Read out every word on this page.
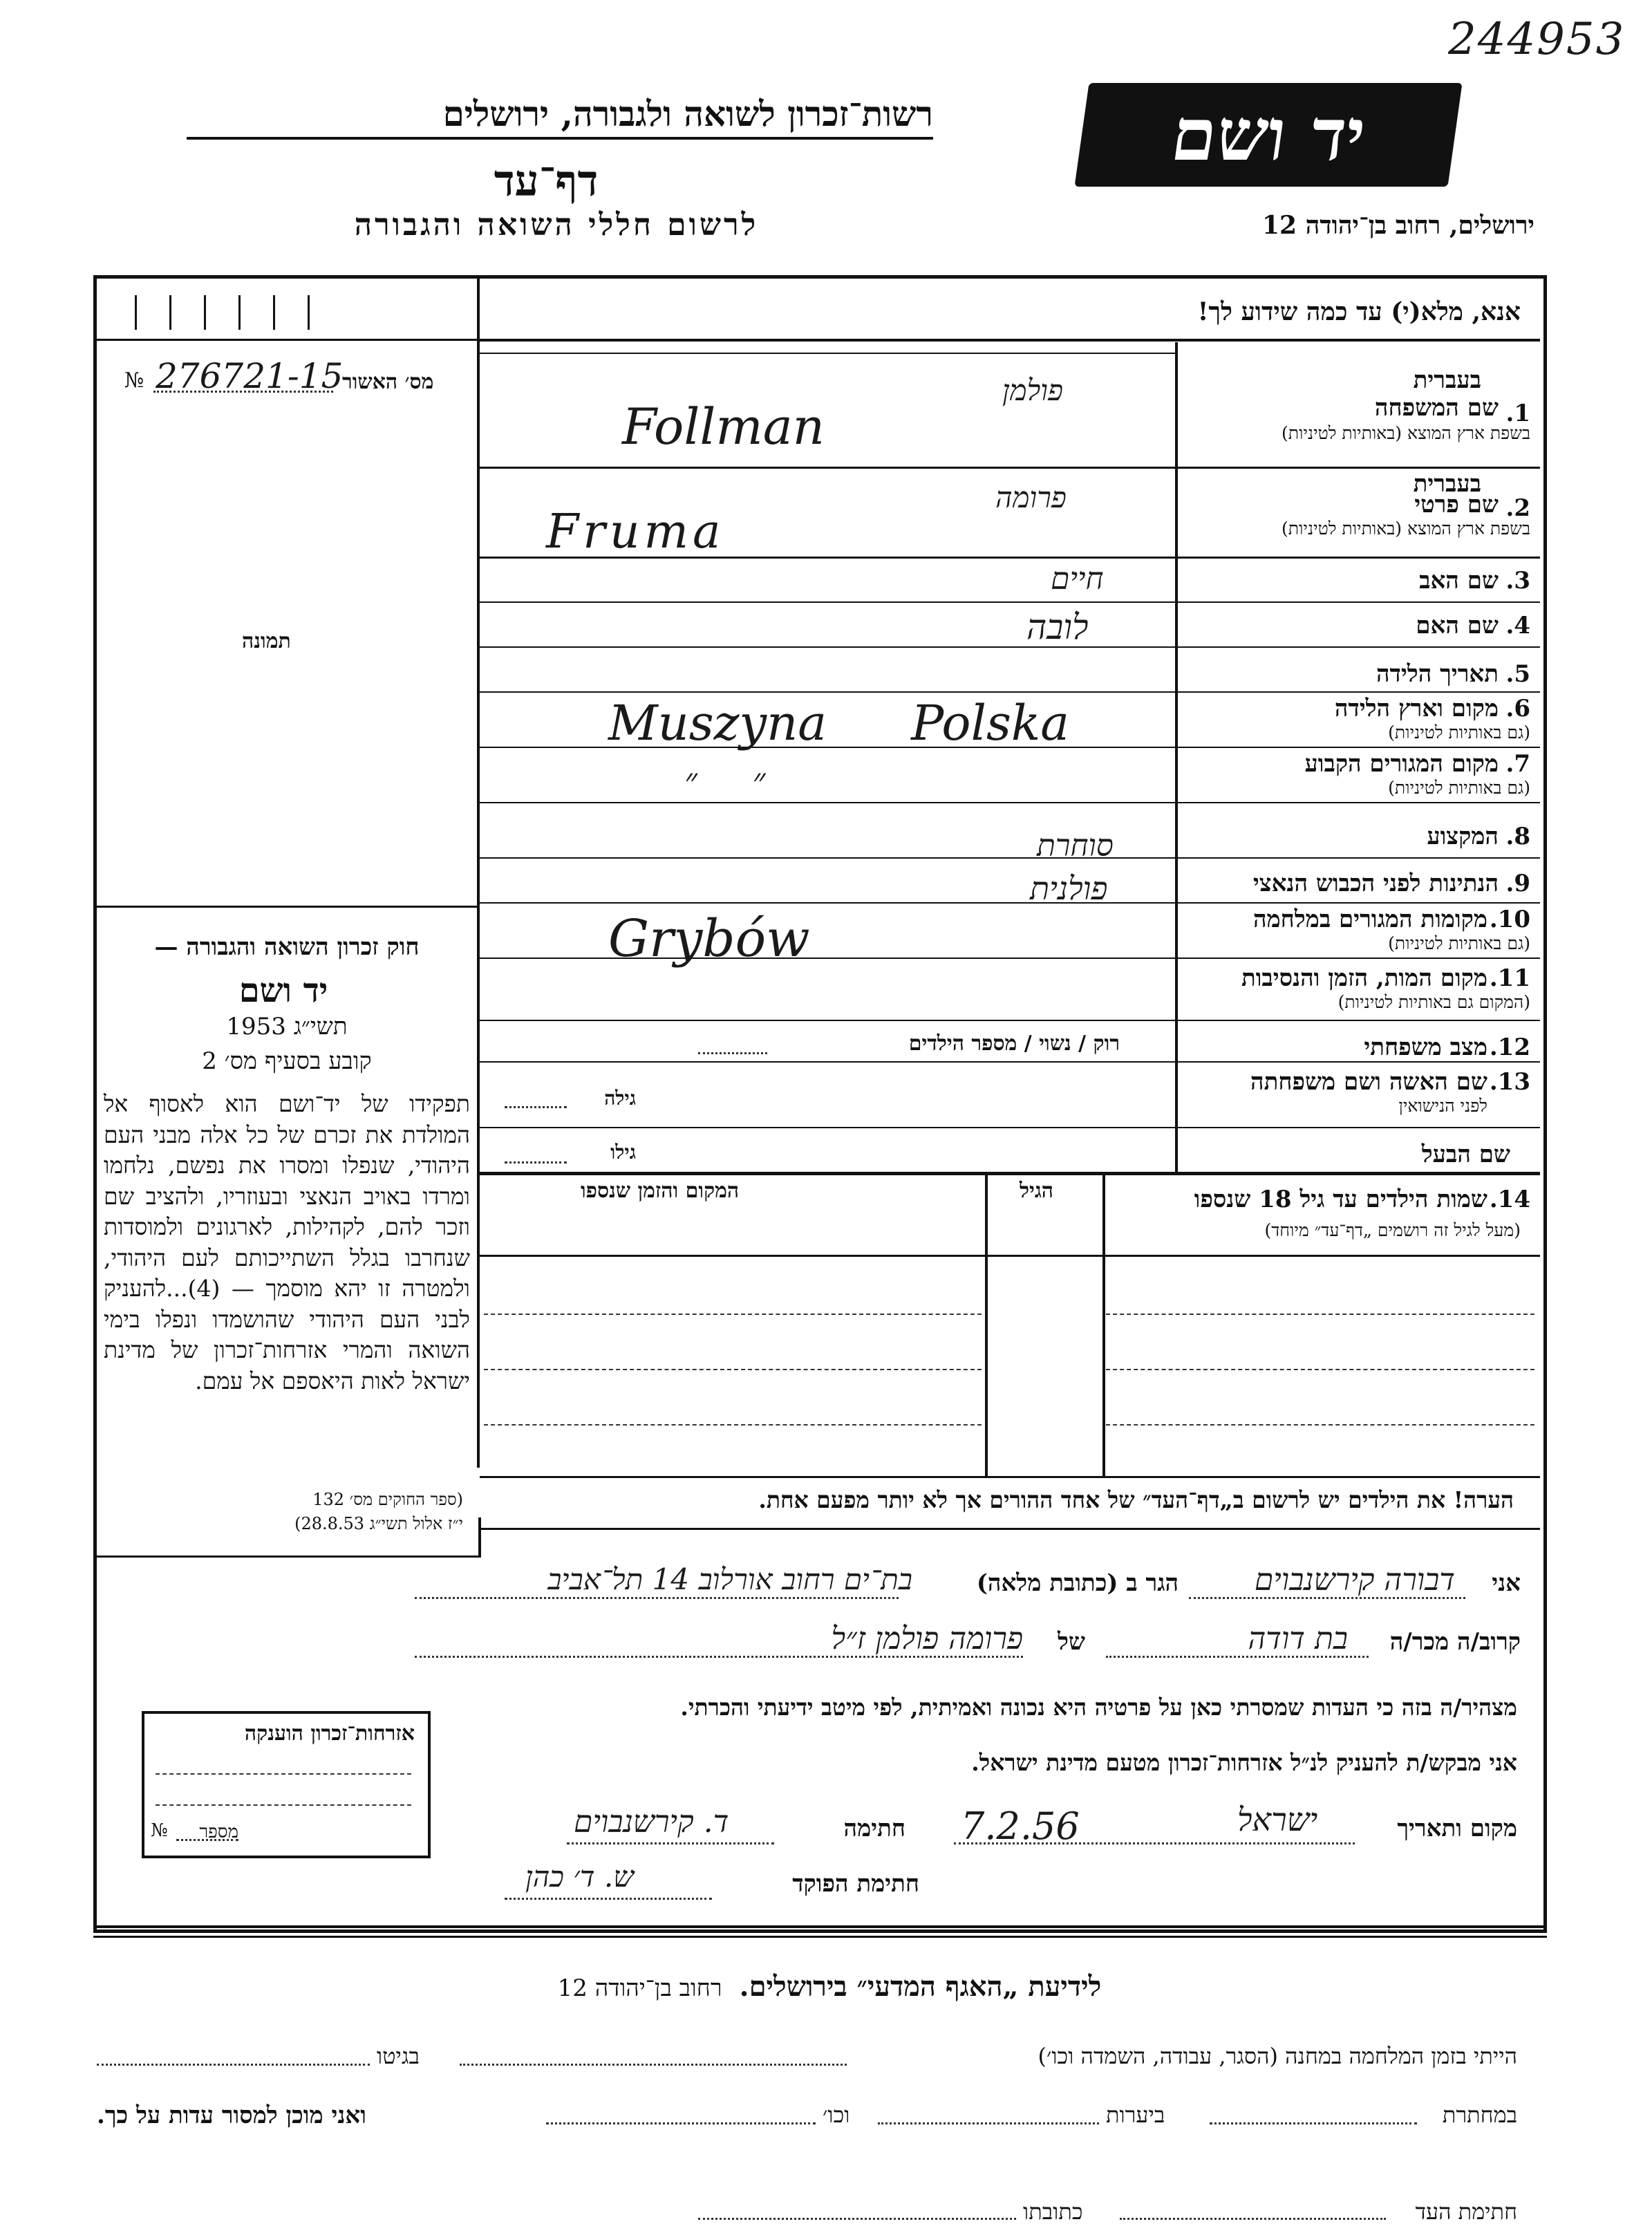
244953
רשות־זכרון לשואה ולגבורה, ירושלים
דף־עד
לרשום חללי השואה והגבורה
יד ושם
ירושלים, רחוב בן־יהודה 12
אנא, מלא(י) עד כמה שידוע לך!
מס׳ האשור
№ 276721-15
תמונה
חוק זכרון השואה והגבורה —
יד ושם
תשי״ג 1953
קובע בסעיף מס׳ 2
תפקידו של יד־ושם הוא לאסוף אל המולדת את זכרם של כל אלה מבני העם היהודי, שנפלו ומסרו את נפשם, נלחמו ומרדו באויב הנאצי ובעוזריו, ולהציב שם וזכר להם, לקהילות, לארגונים ולמוסדות שנחרבו בגלל השתייכותם לעם היהודי, ולמטרה זו יהא מוסמך — (4)...להעניק לבני העם היהודי שהושמדו ונפלו בימי השואה והמרי אזרחות־זכרון של מדינת ישראל לאות היאספם אל עמם.
(ספר החוקים מס׳ 132
י״ז אלול תשי״ג 28.8.53)
בעברית
1.
שם המשפחה
בשפת ארץ המוצא (באותיות לטיניות)
פולמן
Follman
בעברית
2.
שם פרטי
בשפת ארץ המוצא (באותיות לטיניות)
פרומה
Fruma
3.
שם האב
חיים
4.
שם האם
לובה
5.
תאריך הלידה
6.
מקום וארץ הלידה
(גם באותיות לטיניות)
Muszyna Polska
7.
מקום המגורים הקבוע
(גם באותיות לטיניות)
״     ״
8.
המקצוע
סוחרת
9.
הנתינות לפני הכבוש הנאצי
פולנית
10.
מקומות המגורים במלחמה
(גם באותיות לטיניות)
Grybów
11.
מקום המות, הזמן והנסיבות
(המקום גם באותיות לטיניות)
12.
מצב משפחתי
רוק / נשוי / מספר הילדים
13.
שם האשה ושם משפחתה
לפני הנישואין
גילה
שם הבעל
גילו
14.
שמות הילדים עד גיל 18 שנספו
(מעל לגיל זה רושמים „דף־עד״ מיוחד)
הגיל
המקום והזמן שנספו
הערה! את הילדים יש לרשום ב„דף־העד״ של אחד ההורים אך לא יותר מפעם אחת.
אני
דבורה קירשנבוים
הגר ב (כתובת מלאה)
בת־ים רחוב אורלוב 14 תל־אביב
קרוב/ה מכר/ה
בת דודה
של
פרומה פולמן ז״ל
מצהיר/ה בזה כי העדות שמסרתי כאן על פרטיה היא נכונה ואמיתית, לפי מיטב ידיעתי והכרתי.
אני מבקש/ת להעניק לנ״ל אזרחות־זכרון מטעם מדינת ישראל.
מקום ותאריך
ישראל
7.2.56
חתימה
ד. קירשנבוים
חתימת הפוקד
ש. ד׳ כהן
אזרחות־זכרון הוענקה
מספר
№
לידיעת „האגף המדעי״ בירושלים. רחוב בן־יהודה 12
הייתי בזמן המלחמה במחנה (הסגר, עבודה, השמדה וכו׳)
בגיטו
במחתרת
ביערות
וכו׳
ואני מוכן למסור עדות על כך.
חתימת העד
כתובתו
